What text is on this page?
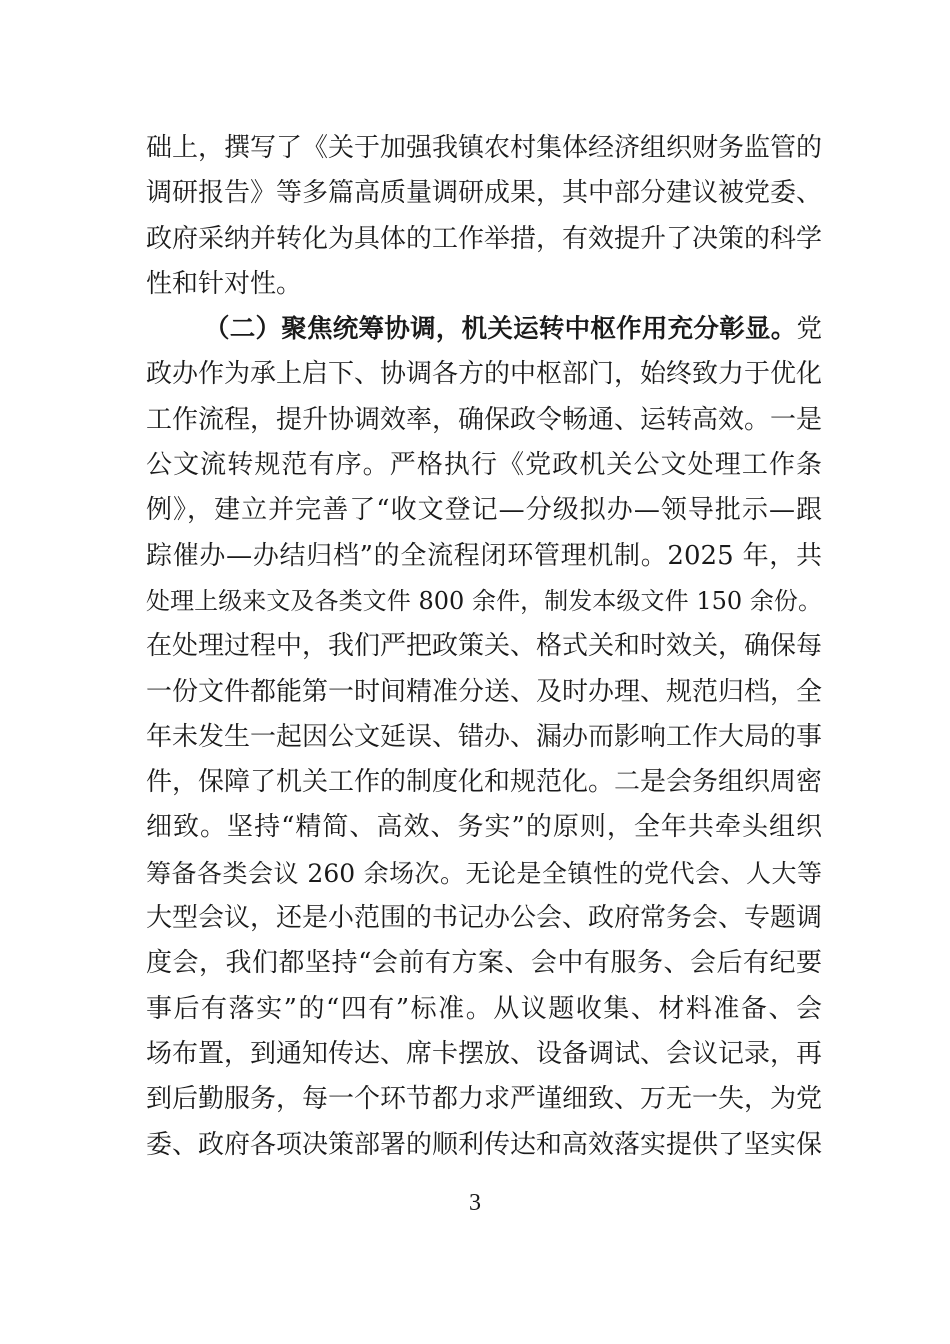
础上，撰写了《关于加强我镇农村集体经济组织财务监管的
调研报告》等多篇高质量调研成果，其中部分建议被党委、
政府采纳并转化为具体的工作举措，有效提升了决策的科学
性和针对性。
（二）聚焦统筹协调，机关运转中枢作用充分彰显。党
政办作为承上启下、协调各方的中枢部门，始终致力于优化
工作流程，提升协调效率，确保政令畅通、运转高效。一是
公文流转规范有序。严格执行《党政机关公文处理工作条
例》，建立并完善了“收文登记—分级拟办—领导批示—跟
踪催办—办结归档”的全流程闭环管理机制。2025 年，共
处理上级来文及各类文件 800 余件，制发本级文件 150 余份。
在处理过程中，我们严把政策关、格式关和时效关，确保每
一份文件都能第一时间精准分送、及时办理、规范归档，全
年未发生一起因公文延误、错办、漏办而影响工作大局的事
件，保障了机关工作的制度化和规范化。二是会务组织周密
细致。坚持“精简、高效、务实”的原则，全年共牵头组织
筹备各类会议 260 余场次。无论是全镇性的党代会、人大等
大型会议，还是小范围的书记办公会、政府常务会、专题调
度会，我们都坚持“会前有方案、会中有服务、会后有纪要
事后有落实”的“四有”标准。从议题收集、材料准备、会
场布置，到通知传达、席卡摆放、设备调试、会议记录，再
到后勤服务，每一个环节都力求严谨细致、万无一失，为党
委、政府各项决策部署的顺利传达和高效落实提供了坚实保
3
